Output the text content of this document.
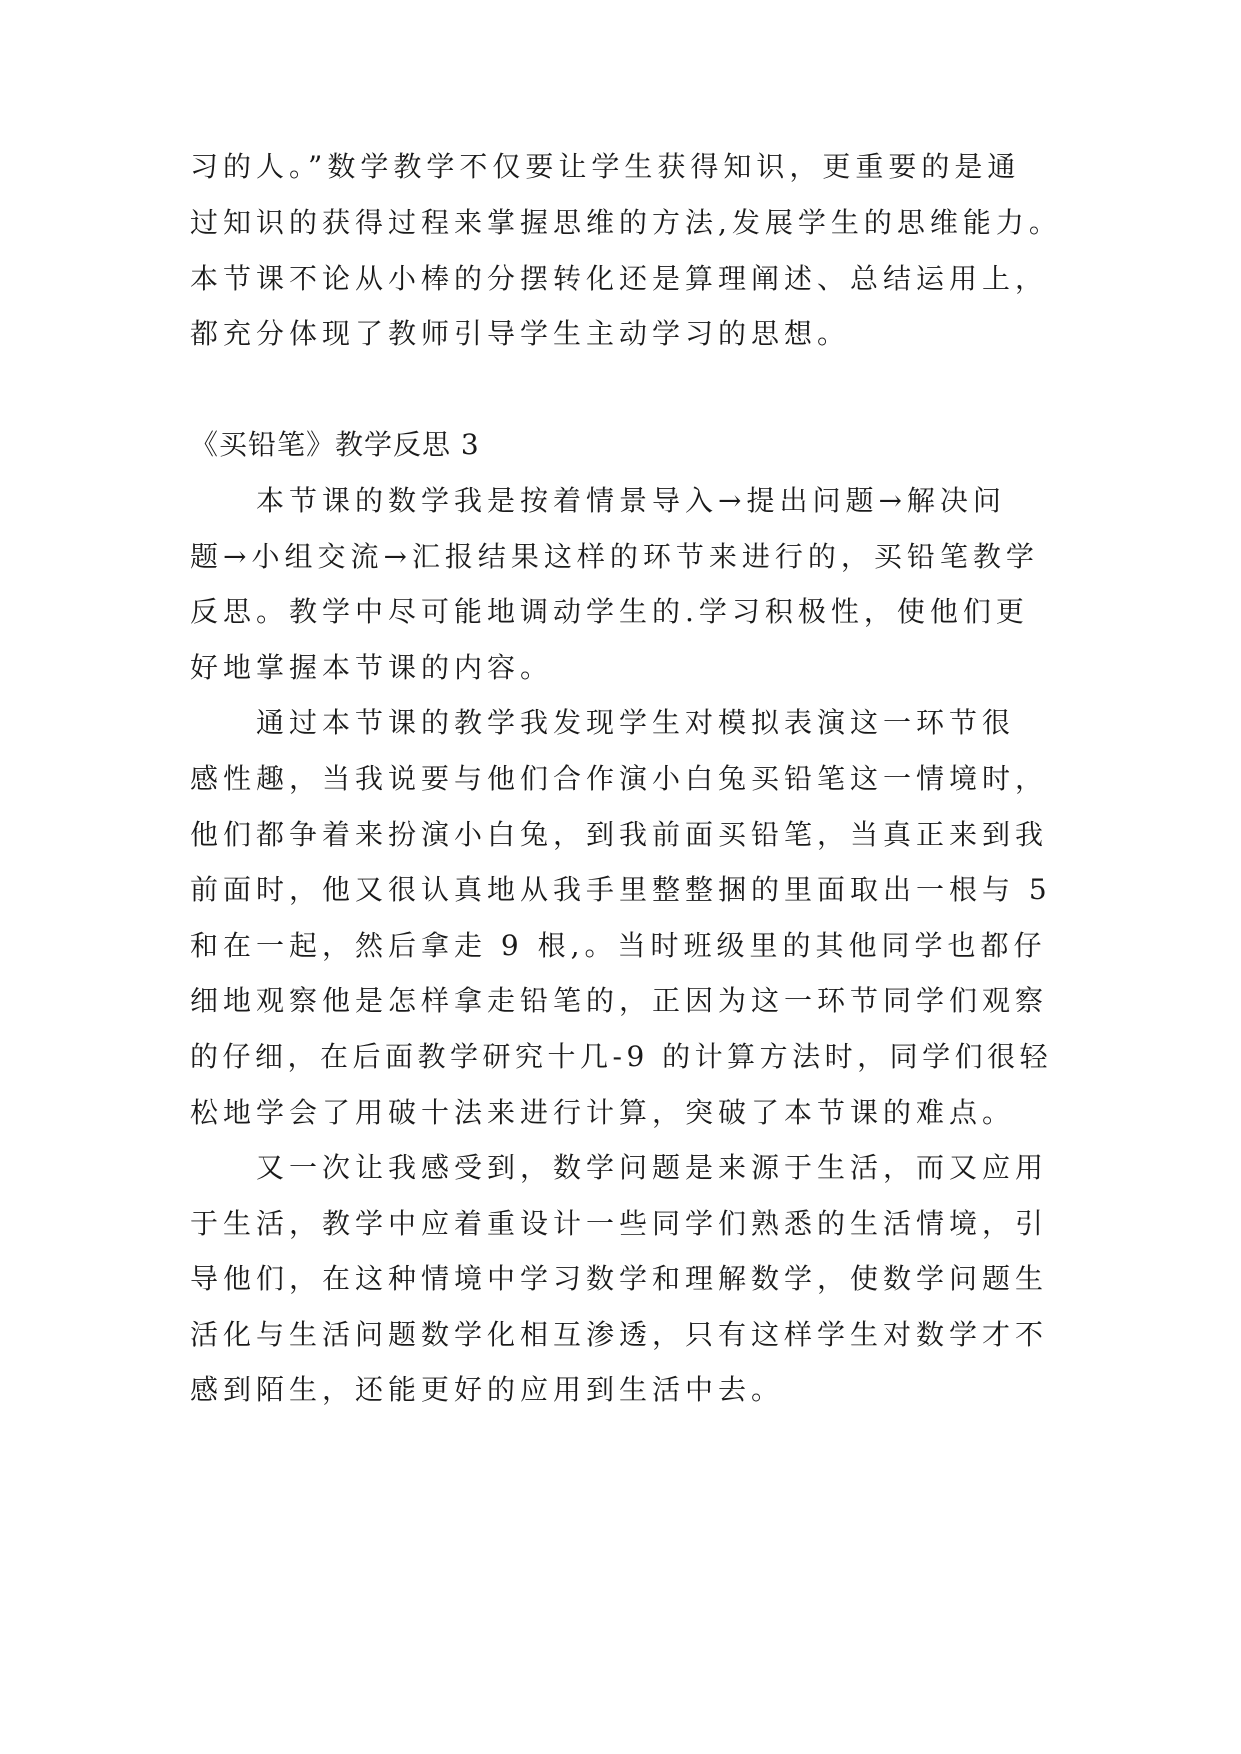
习的人。”数学教学不仅要让学生获得知识，更重要的是通
过知识的获得过程来掌握思维的方法,发展学生的思维能力。
本节课不论从小棒的分摆转化还是算理阐述、总结运用上，
都充分体现了教师引导学生主动学习的思想。
《买铅笔》教学反思 3
本节课的数学我是按着情景导入→提出问题→解决问
题→小组交流→汇报结果这样的环节来进行的，买铅笔教学
反思。教学中尽可能地调动学生的.学习积极性，使他们更
好地掌握本节课的内容。
通过本节课的教学我发现学生对模拟表演这一环节很
感性趣，当我说要与他们合作演小白兔买铅笔这一情境时，
他们都争着来扮演小白兔，到我前面买铅笔，当真正来到我
前面时，他又很认真地从我手里整整捆的里面取出一根与 5
和在一起，然后拿走 9 根,。当时班级里的其他同学也都仔
细地观察他是怎样拿走铅笔的，正因为这一环节同学们观察
的仔细，在后面教学研究十几-9 的计算方法时，同学们很轻
松地学会了用破十法来进行计算，突破了本节课的难点。
又一次让我感受到，数学问题是来源于生活，而又应用
于生活，教学中应着重设计一些同学们熟悉的生活情境，引
导他们，在这种情境中学习数学和理解数学，使数学问题生
活化与生活问题数学化相互渗透，只有这样学生对数学才不
感到陌生，还能更好的应用到生活中去。
